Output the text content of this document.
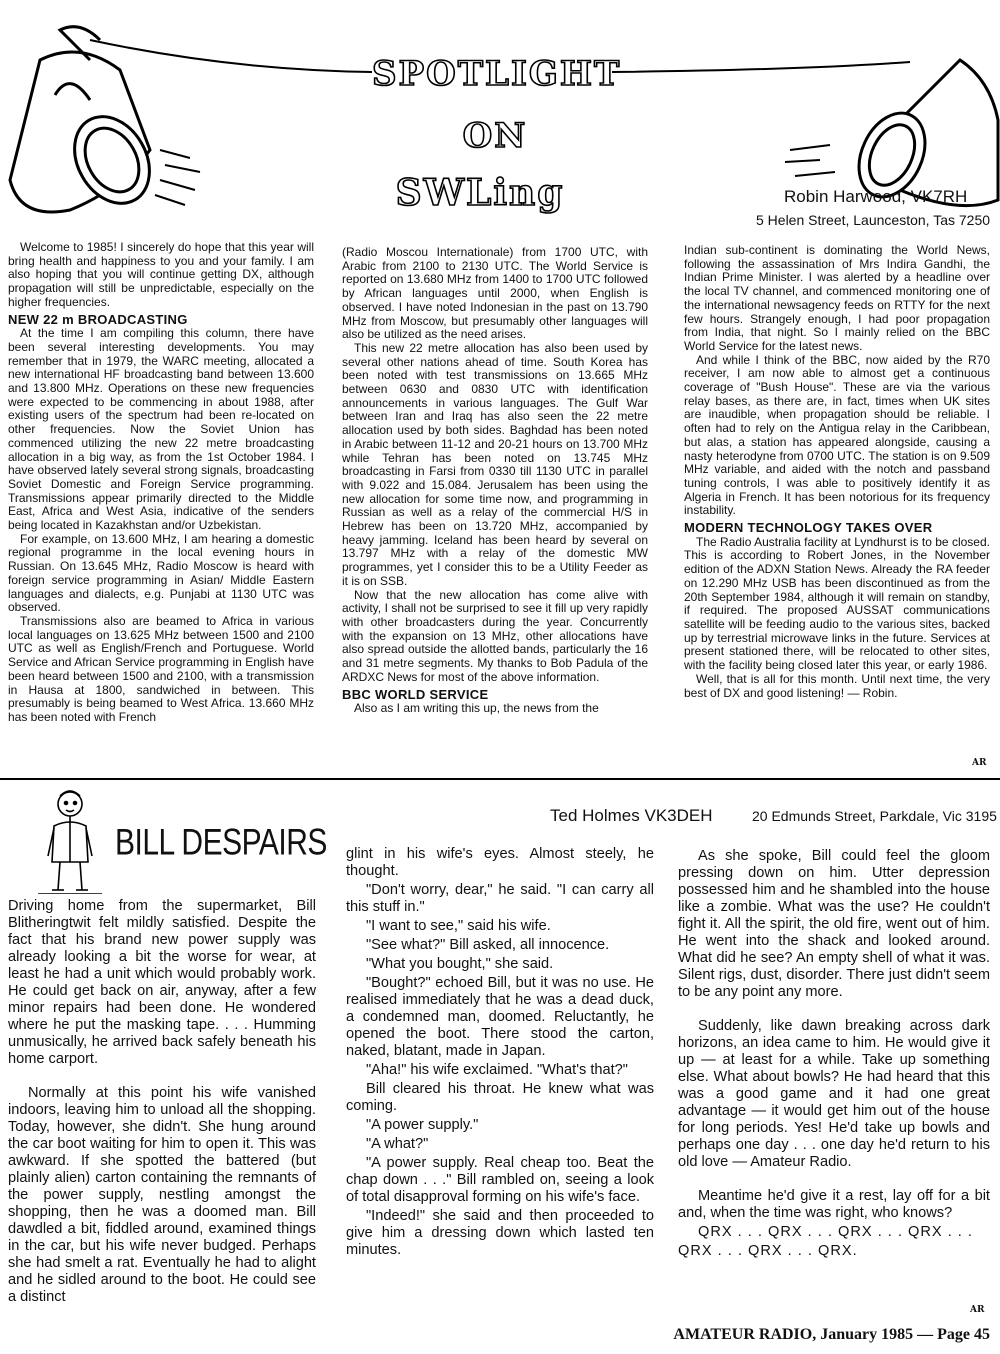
SPOTLIGHT
ON
SWLing	Robin Harwood, VK7RH
5 Helen Street, Launceston, Tas 7250

Welcome to 1985! I sincerely do hope that this year will bring health and happiness to you and your family. I am also hoping that you will continue getting DX, although propagation will still be unpredictable, especially on the higher frequencies.

NEW 22 m BROADCASTING

At the time I am compiling this column, there have been several interesting developments. You may remember that in 1979, the WARC meeting, allocated a new international HF broadcasting band between 13.600 and 13.800 MHz. Operations on these new frequencies were expected to be commencing in about 1988, after existing users of the spectrum had been re-located on other frequencies. Now the Soviet Union has commenced utilizing the new 22 metre broadcasting allocation in a big way, as from the 1st October 1984. I have observed lately several strong signals, broadcasting Soviet Domestic and Foreign Service programming. Transmissions appear primarily directed to the Middle East, Africa and West Asia, indicative of the senders being located in Kazakhstan and/or Uzbekistan.

For example, on 13.600 MHz, I am hearing a domestic regional programme in the local evening hours in Russian. On 13.645 MHz, Radio Moscow is heard with foreign service programming in Asian/ Middle Eastern languages and dialects, e.g. Punjabi at 1130 UTC was observed.

Transmissions also are beamed to Africa in various local languages on 13.625 MHz between 1500 and 2100 UTC as well as English/French and Portuguese. World Service and African Service programming in English have been heard between 1500 and 2100, with a transmission in Hausa at 1800, sandwiched in between. This presumably is being beamed to West Africa. 13.660 MHz has been noted with French

(Radio Moscou Internationale) from 1700 UTC, with Arabic from 2100 to 2130 UTC. The World Service is reported on 13.680 MHz from 1400 to 1700 UTC followed by African languages until 2000, when English is observed. I have noted Indonesian in the past on 13.790 MHz from Moscow, but presumably other languages will also be utilized as the need arises.

This new 22 metre allocation has also been used by several other nations ahead of time. South Korea has been noted with test transmissions on 13.665 MHz between 0630 and 0830 UTC with identification announcements in various languages. The Gulf War between Iran and Iraq has also seen the 22 metre allocation used by both sides. Baghdad has been noted in Arabic between 11-12 and 20-21 hours on 13.700 MHz while Tehran has been noted on 13.745 MHz broadcasting in Farsi from 0330 till 1130 UTC in parallel with 9.022 and 15.084. Jerusalem has been using the new allocation for some time now, and programming in Russian as well as a relay of the commercial H/S in Hebrew has been on 13.720 MHz, accompanied by heavy jamming. Iceland has been heard by several on 13.797 MHz with a relay of the domestic MW programmes, yet I consider this to be a Utility Feeder as it is on SSB.

Now that the new allocation has come alive with activity, I shall not be surprised to see it fill up very rapidly with other broadcasters during the year. Concurrently with the expansion on 13 MHz, other allocations have also spread outside the allotted bands, particularly the 16 and 31 metre segments. My thanks to Bob Padula of the ARDXC News for most of the above information.

BBC WORLD SERVICE

Also as I am writing this up, the news from the

Indian sub-continent is dominating the World News, following the assassination of Mrs Indira Gandhi, the Indian Prime Minister. I was alerted by a headline over the local TV channel, and commenced monitoring one of the international newsagency feeds on RTTY for the next few hours. Strangely enough, I had poor propagation from India, that night. So I mainly relied on the BBC World Service for the latest news.

And while I think of the BBC, now aided by the R70 receiver, I am now able to almost get a continuous coverage of "Bush House". These are via the various relay bases, as there are, in fact, times when UK sites are inaudible, when propagation should be reliable. I often had to rely on the Antigua relay in the Caribbean, but alas, a station has appeared alongside, causing a nasty heterodyne from 0700 UTC. The station is on 9.509 MHz variable, and aided with the notch and passband tuning controls, I was able to positively identify it as Algeria in French. It has been notorious for its frequency instability.

MODERN TECHNOLOGY TAKES OVER

The Radio Australia facility at Lyndhurst is to be closed. This is according to Robert Jones, in the November edition of the ADXN Station News. Already the RA feeder on 12.290 MHz USB has been discontinued as from the 20th September 1984, although it will remain on standby, if required. The proposed AUSSAT communications satellite will be feeding audio to the various sites, backed up by terrestrial microwave links in the future. Services at present stationed there, will be relocated to other sites, with the facility being closed later this year, or early 1986.

Well, that is all for this month. Until next time, the very best of DX and good listening! — Robin.

AR
BILL DESPAIRS
Ted Holmes VK3DEH	20 Edmunds Street, Parkdale, Vic 3195

Driving home from the supermarket, Bill Blitheringtwit felt mildly satisfied. Despite the fact that his brand new power supply was already looking a bit the worse for wear, at least he had a unit which would probably work. He could get back on air, anyway, after a few minor repairs had been done. He wondered where he put the masking tape. . . . Humming unmusically, he arrived back safely beneath his home carport.

Normally at this point his wife vanished indoors, leaving him to unload all the shopping. Today, however, she didn't. She hung around the car boot waiting for him to open it. This was awkward. If she spotted the battered (but plainly alien) carton containing the remnants of the power supply, nestling amongst the shopping, then he was a doomed man. Bill dawdled a bit, fiddled around, examined things in the car, but his wife never budged. Perhaps she had smelt a rat. Eventually he had to alight and he sidled around to the boot. He could see a distinct

glint in his wife's eyes. Almost steely, he thought.

"Don't worry, dear," he said. "I can carry all this stuff in."

"I want to see," said his wife.

"See what?" Bill asked, all innocence.

"What you bought," she said.

"Bought?" echoed Bill, but it was no use. He realised immediately that he was a dead duck, a condemned man, doomed. Reluctantly, he opened the boot. There stood the carton, naked, blatant, made in Japan.

"Aha!" his wife exclaimed. "What's that?"

Bill cleared his throat. He knew what was coming.

"A power supply."

"A what?"

"A power supply. Real cheap too. Beat the chap down . . ." Bill rambled on, seeing a look of total disapproval forming on his wife's face.

"Indeed!" she said and then proceeded to give him a dressing down which lasted ten minutes.

As she spoke, Bill could feel the gloom pressing down on him. Utter depression possessed him and he shambled into the house like a zombie. What was the use? He couldn't fight it. All the spirit, the old fire, went out of him. He went into the shack and looked around. What did he see? An empty shell of what it was. Silent rigs, dust, disorder. There just didn't seem to be any point any more.

Suddenly, like dawn breaking across dark horizons, an idea came to him. He would give it up — at least for a while. Take up something else. What about bowls? He had heard that this was a good game and it had one great advantage — it would get him out of the house for long periods. Yes! He'd take up bowls and perhaps one day . . . one day he'd return to his old love — Amateur Radio.

Meantime he'd give it a rest, lay off for a bit and, when the time was right, who knows?

QRX . . . QRX . . . QRX . . . QRX . . .

QRX . . . QRX . . . QRX.

AR
AMATEUR RADIO, January 1985 — Page 45
